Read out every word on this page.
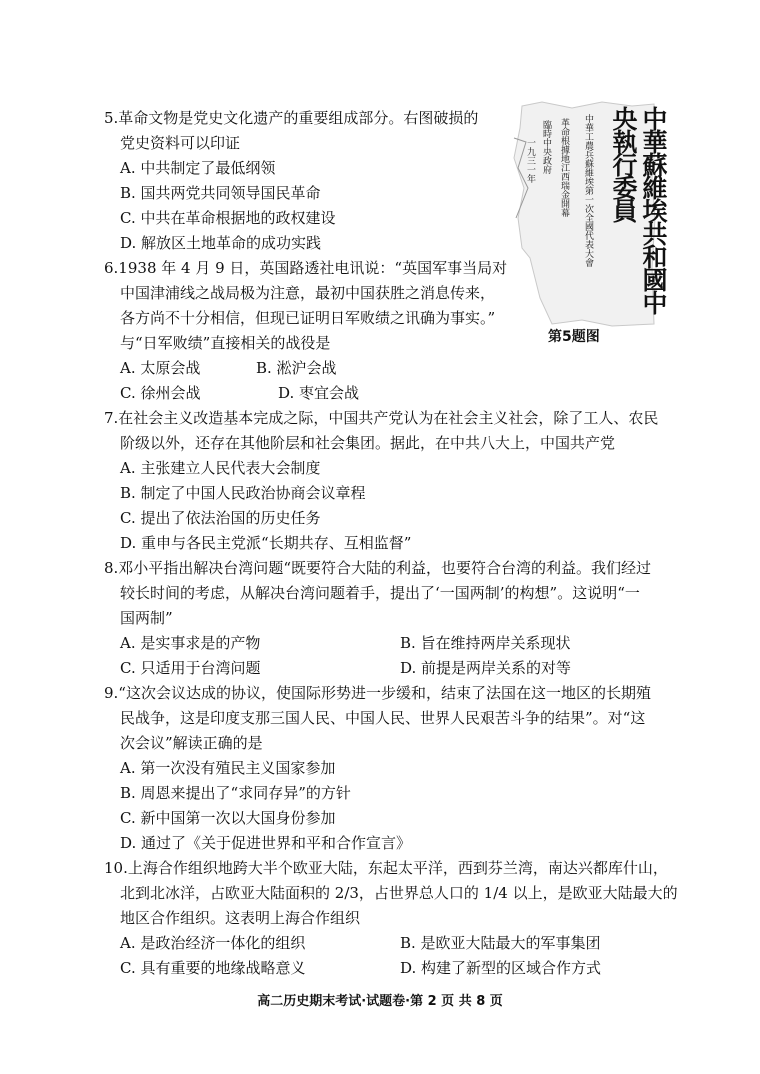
5.革命文物是党史文化遗产的重要组成部分。右图破损的
党史资料可以印证
A. 中共制定了最低纲领
B. 国共两党共同领导国民革命
C. 中共在革命根据地的政权建设
D. 解放区土地革命的成功实践	中華蘇維埃共和國中央執行委員
中華工農兵蘇維埃第一次全國代表大會
革命根據地江西瑞金開幕
臨時中央政府
一九三一年
第5题图
6.1938 年 4 月 9 日，英国路透社电讯说：“英国军事当局对
中国津浦线之战局极为注意，最初中国获胜之消息传来，
各方尚不十分相信，但现已证明日军败绩之讯确为事实。”
与“日军败绩”直接相关的战役是
A. 太原会战	B. 淞沪会战
C. 徐州会战	D. 枣宜会战
7.在社会主义改造基本完成之际，中国共产党认为在社会主义社会，除了工人、农民
阶级以外，还存在其他阶层和社会集团。据此，在中共八大上，中国共产党
A. 主张建立人民代表大会制度
B. 制定了中国人民政治协商会议章程
C. 提出了依法治国的历史任务
D. 重申与各民主党派“长期共存、互相监督”
8.邓小平指出解决台湾问题“既要符合大陆的利益，也要符合台湾的利益。我们经过
较长时间的考虑，从解决台湾问题着手，提出了‘一国两制’的构想”。这说明“一
国两制”
A. 是实事求是的产物	B. 旨在维持两岸关系现状
C. 只适用于台湾问题	D. 前提是两岸关系的对等
9.“这次会议达成的协议，使国际形势进一步缓和，结束了法国在这一地区的长期殖
民战争，这是印度支那三国人民、中国人民、世界人民艰苦斗争的结果”。对“这
次会议”解读正确的是
A. 第一次没有殖民主义国家参加
B. 周恩来提出了“求同存异”的方针
C. 新中国第一次以大国身份参加
D. 通过了《关于促进世界和平和合作宣言》
10.上海合作组织地跨大半个欧亚大陆，东起太平洋，西到芬兰湾，南达兴都库什山，
北到北冰洋，占欧亚大陆面积的 2/3，占世界总人口的 1/4 以上，是欧亚大陆最大的
地区合作组织。这表明上海合作组织
A. 是政治经济一体化的组织	B. 是欧亚大陆最大的军事集团
C. 具有重要的地缘战略意义	D. 构建了新型的区域合作方式
高二历史期末考试·试题卷·第 2 页 共 8 页
